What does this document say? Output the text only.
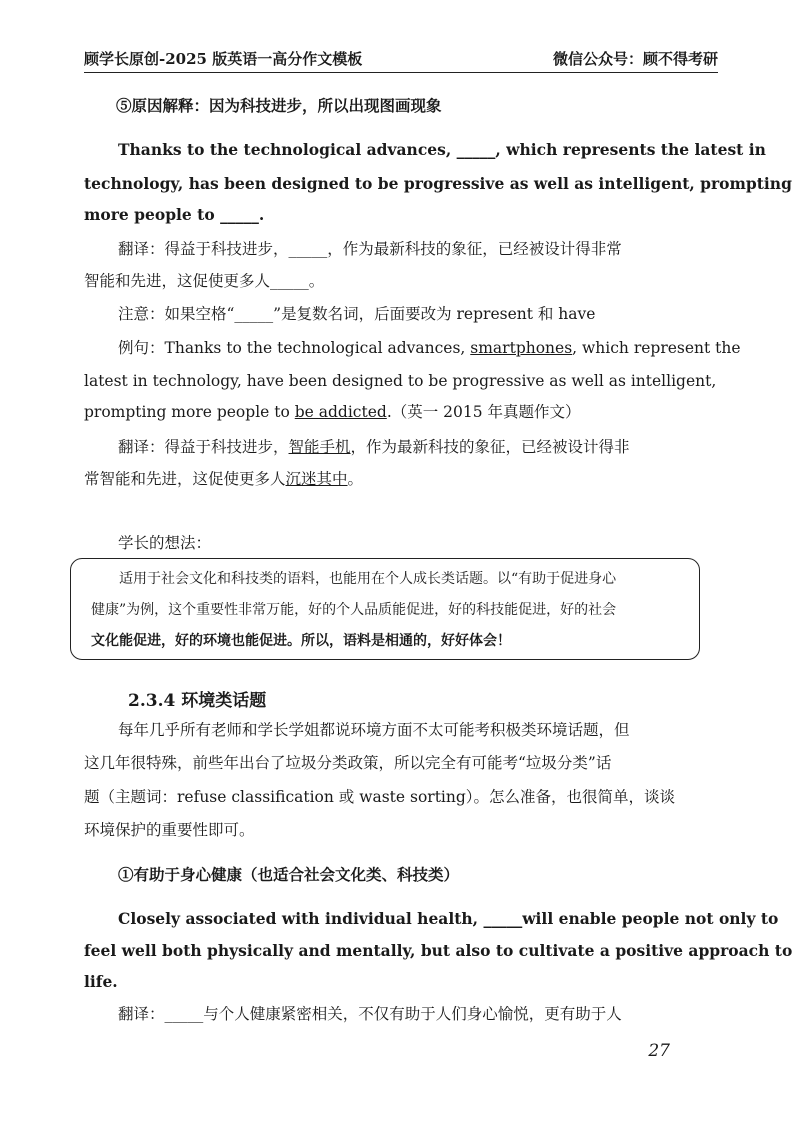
顾学长原创-2025 版英语一高分作文模板	微信公众号：顾不得考研
⑤原因解释：因为科技进步，所以出现图画现象
Thanks to the technological advances, _____, which represents the latest in
technology, has been designed to be progressive as well as intelligent, prompting
more people to _____.
翻译：得益于科技进步，_____，作为最新科技的象征，已经被设计得非常
智能和先进，这促使更多人_____。
注意：如果空格“_____”是复数名词，后面要改为 represent 和 have
例句：Thanks to the technological advances, smartphones, which represent the
latest in technology, have been designed to be progressive as well as intelligent,
prompting more people to be addicted.（英一 2015 年真题作文）
翻译：得益于科技进步，智能手机，作为最新科技的象征，已经被设计得非
常智能和先进，这促使更多人沉迷其中。
学长的想法：
适用于社会文化和科技类的语料，也能用在个人成长类话题。以“有助于促进身心
健康”为例，这个重要性非常万能，好的个人品质能促进，好的科技能促进，好的社会
文化能促进，好的环境也能促进。所以，语料是相通的，好好体会！
2.3.4 环境类话题
每年几乎所有老师和学长学姐都说环境方面不太可能考积极类环境话题，但
这几年很特殊，前些年出台了垃圾分类政策，所以完全有可能考“垃圾分类”话
题（主题词：refuse classification 或 waste sorting）。怎么准备，也很简单，谈谈
环境保护的重要性即可。
①有助于身心健康（也适合社会文化类、科技类）
Closely associated with individual health, _____will enable people not only to
feel well both physically and mentally, but also to cultivate a positive approach to
life.
翻译：_____与个人健康紧密相关，不仅有助于人们身心愉悦，更有助于人
27
